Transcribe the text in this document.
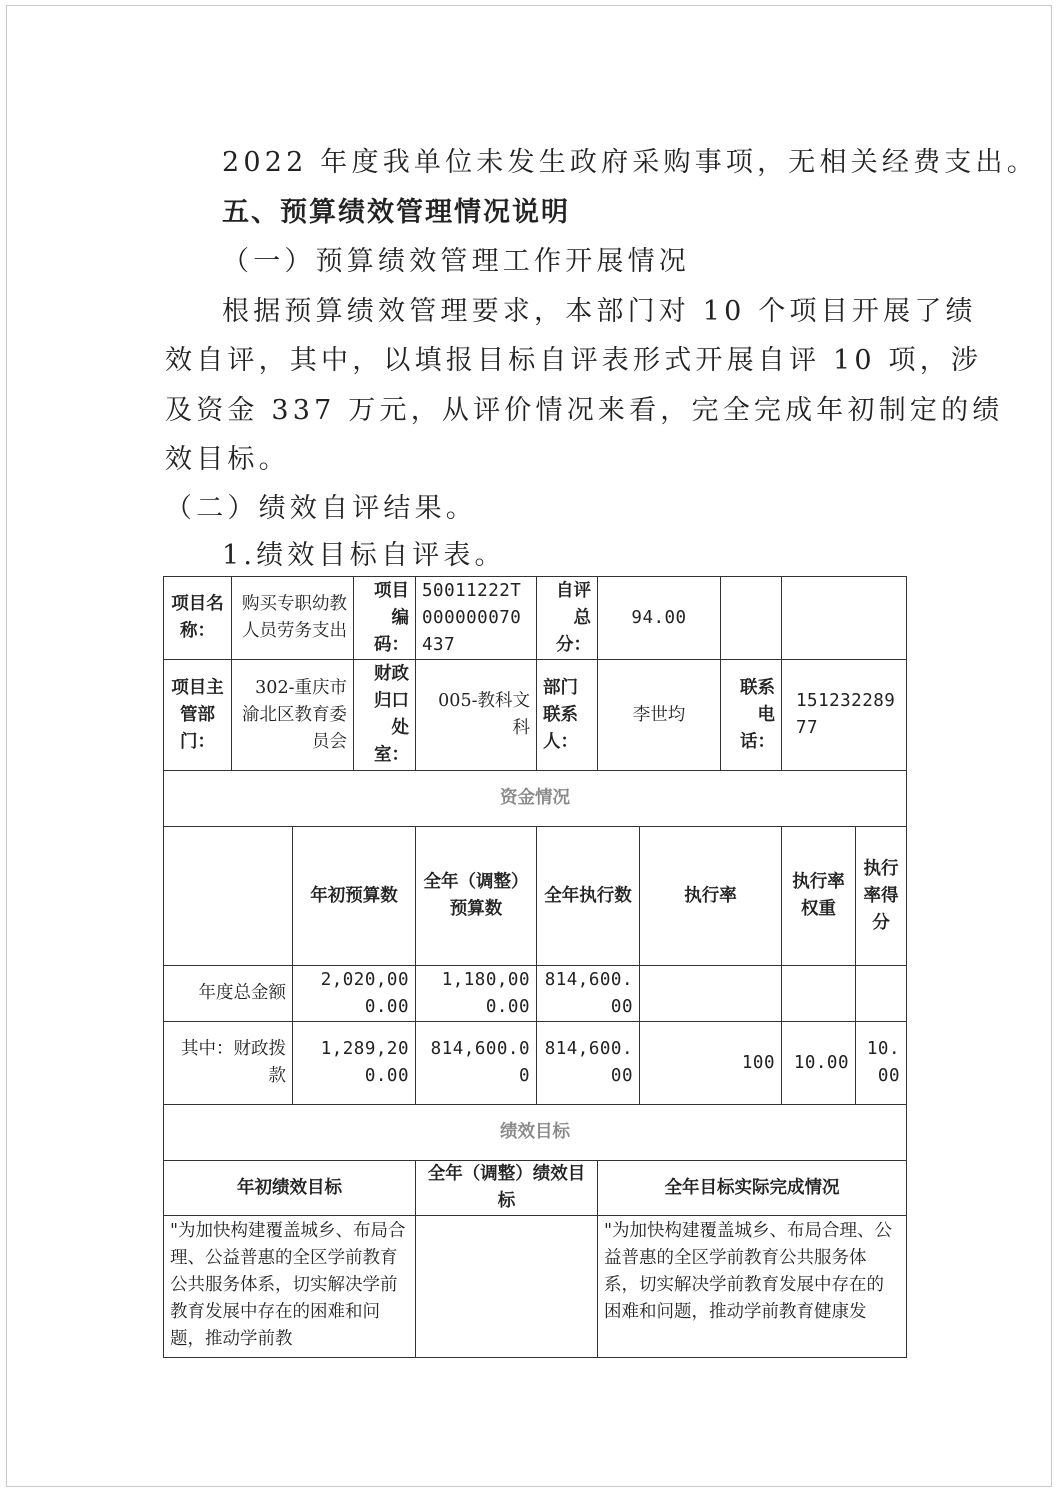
2022 年度我单位未发生政府采购事项，无相关经费支出。
五、预算绩效管理情况说明
（一）预算绩效管理工作开展情况
根据预算绩效管理要求，本部门对 10 个项目开展了绩
效自评，其中，以填报目标自评表形式开展自评 10 项，涉
及资金 337 万元，从评价情况来看，完全完成年初制定的绩
效目标。
（二）绩效自评结果。
1.绩效目标自评表。
项目名称：	购买专职幼教人员劳务支出		项目编码：	50011222T000000070437	自评总分：	94.00				
项目主管部门：	302-重庆市渝北区教育委员会		财政归口处室：	005-教科文科	部门联系人：	李世均		联系电话：	15123228977	
资金情况										
		年初预算数		全年（调整）预算数	全年执行数		执行率		执行率权重	执行率得分
年度总金额		2,020,000.00		1,180,000.00	814,600.00					
其中：财政拨款		1,289,200.00		814,600.00	814,600.00		100		10.00	10.00
绩效目标										
年初绩效目标				全年（调整）绩效目标		全年目标实际完成情况				
"为加快构建覆盖城乡、布局合理、公益普惠的全区学前教育公共服务体系，切实解决学前教育发展中存在的困难和问题，推动学前教						"为加快构建覆盖城乡、布局合理、公益普惠的全区学前教育公共服务体系，切实解决学前教育发展中存在的困难和问题，推动学前教育健康发				
